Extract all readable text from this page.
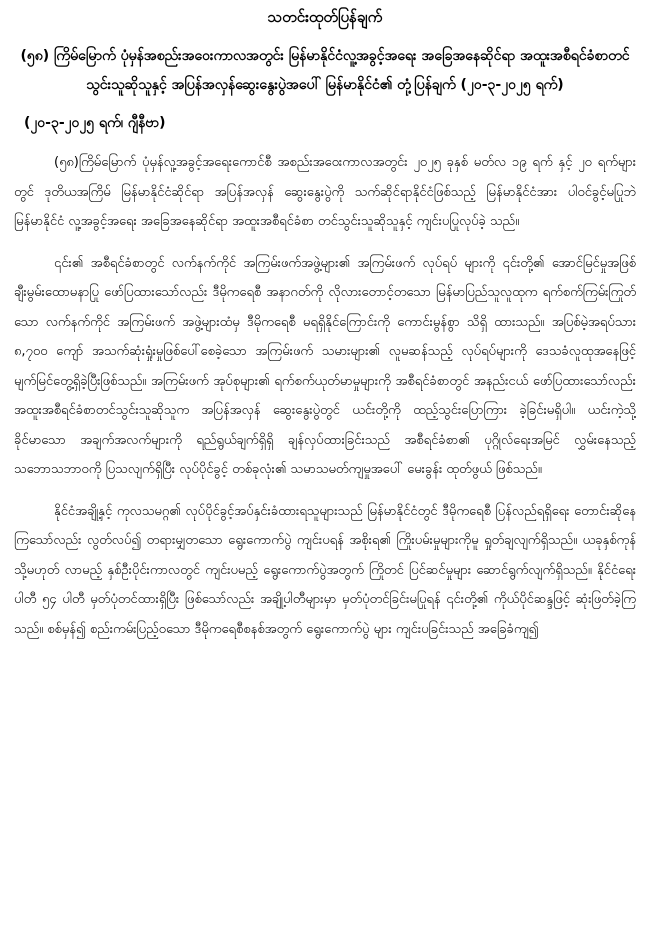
သတင်းထုတ်ပြန်ချက်
(၅၈) ကြိမ်မြောက် ပုံမှန်အစည်းအဝေးကာလအတွင်း မြန်မာနိုင်ငံလူ့အခွင့်အရေး အခြေအနေဆိုင်ရာ အထူးအစီရင်ခံစာတင်သွင်းသူဆိုသူနှင့် အပြန်အလှန်ဆွေးနွေးပွဲအပေါ် မြန်မာနိုင်ငံ၏ တုံ့ပြန်ချက် (၂၀-၃-၂၀၂၅ ရက်)
(၂၀-၃-၂၀၂၅ ရက်၊ ဂျီနီဗာ)
(၅၈)ကြိမ်မြောက် ပုံမှန်လူ့အခွင့်အရေးကောင်စီ အစည်းအဝေးကာလအတွင်း ၂၀၂၅ ခုနှစ် မတ်လ ၁၉ ရက် နှင့် ၂၀ ရက်များတွင် ဒုတိယအကြိမ် မြန်မာနိုင်ငံဆိုင်ရာ အပြန်အလှန် ဆွေးနွေးပွဲကို သက်ဆိုင်ရာနိုင်ငံဖြစ်သည့် မြန်မာနိုင်ငံအား ပါဝင်ခွင့်မပြုဘဲ မြန်မာနိုင်ငံ လူ့အခွင့်အရေး အခြေအနေဆိုင်ရာ အထူးအစီရင်ခံစာ တင်သွင်းသူဆိုသူနှင့် ကျင်းပပြုလုပ်ခဲ့ သည်။
၎င်း၏ အစီရင်ခံစာတွင် လက်နက်ကိုင် အကြမ်းဖက်အဖွဲ့များ၏ အကြမ်းဖက် လုပ်ရပ် များကို ၎င်းတို့၏ အောင်မြင်မှုအဖြစ် ချီးမွမ်းထောမနာပြု ဖော်ပြထားသော်လည်း ဒီမိုကရေစီ အနာဂတ်ကို လိုလားတောင့်တသော မြန်မာပြည်သူလူထုက ရက်စက်ကြမ်းကြုတ်သော လက်နက်ကိုင် အကြမ်းဖက် အဖွဲ့များထံမှ ဒီမိုကရေစီ မရရှိနိုင်ကြောင်းကို ကောင်းမွန်စွာ သိရှိ ထားသည်။ အပြစ်မဲ့အရပ်သား ၈,၇၀၀ ကျော် အသက်ဆုံးရှုံးမှုဖြစ်ပေါ်စေခဲ့သော အကြမ်းဖက် သမားများ၏ လူမဆန်သည့် လုပ်ရပ်များကို ဒေသခံလူထုအနေဖြင့် မျက်မြင်တွေ့ရှိခဲ့ပြီးဖြစ်သည်။ အကြမ်းဖက် အုပ်စုများ၏ ရက်စက်ယုတ်မာမှုများကို အစီရင်ခံစာတွင် အနည်းငယ် ဖော်ပြထားသော်လည်း အထူးအစီရင်ခံစာတင်သွင်းသူဆိုသူက အပြန်အလှန် ဆွေးနွေးပွဲတွင် ယင်းတို့ကို ထည့်သွင်းပြောကြား ခဲ့ခြင်းမရှိပါ။ ယင်းကဲ့သို့ ခိုင်မာသော အချက်အလက်များကို ရည်ရွယ်ချက်ရှိရှိ ချန်လှပ်ထားခြင်းသည် အစီရင်ခံစာ၏ ပုဂ္ဂိုလ်ရေးအမြင် လွှမ်းနေသည့် သဘောသဘာဝကို ပြသလျက်ရှိပြီး လုပ်ပိုင်ခွင့် တစ်ခုလုံး၏ သမာသမတ်ကျမှုအပေါ် မေးခွန်း ထုတ်ဖွယ် ဖြစ်သည်။
နိုင်ငံအချို့နှင့် ကုလသမဂ္ဂ၏ လုပ်ပိုင်ခွင့်အပ်နှင်းခံထားရသူများသည် မြန်မာနိုင်ငံတွင် ဒီမိုကရေစီ ပြန်လည်ရရှိရေး တောင်းဆိုနေကြသော်လည်း လွတ်လပ်၍ တရားမျှတသော ရွေးကောက်ပွဲ ကျင်းပရန် အစိုးရ၏ ကြိုးပမ်းမှုများကိုမူ ရှုတ်ချလျက်ရှိသည်။ ယခုနှစ်ကုန် သို့မဟုတ် လာမည့် နှစ်ဦးပိုင်းကာလတွင် ကျင်းပမည့် ရွေးကောက်ပွဲအတွက် ကြိုတင် ပြင်ဆင်မှုများ ဆောင်ရွက်လျက်ရှိသည်။ နိုင်ငံရေးပါတီ ၅၄ ပါတီ မှတ်ပုံတင်ထားရှိပြီး ဖြစ်သော်လည်း အချို့ပါတီများမှာ မှတ်ပုံတင်ခြင်းမပြုရန် ၎င်းတို့၏ ကိုယ်ပိုင်ဆန္ဒဖြင့် ဆုံးဖြတ်ခဲ့ကြသည်။ စစ်မှန်၍ စည်းကမ်းပြည့်ဝသော ဒီမိုကရေစီစနစ်အတွက် ရွေးကောက်ပွဲ များ ကျင်းပခြင်းသည် အခြေခံကျ၍
